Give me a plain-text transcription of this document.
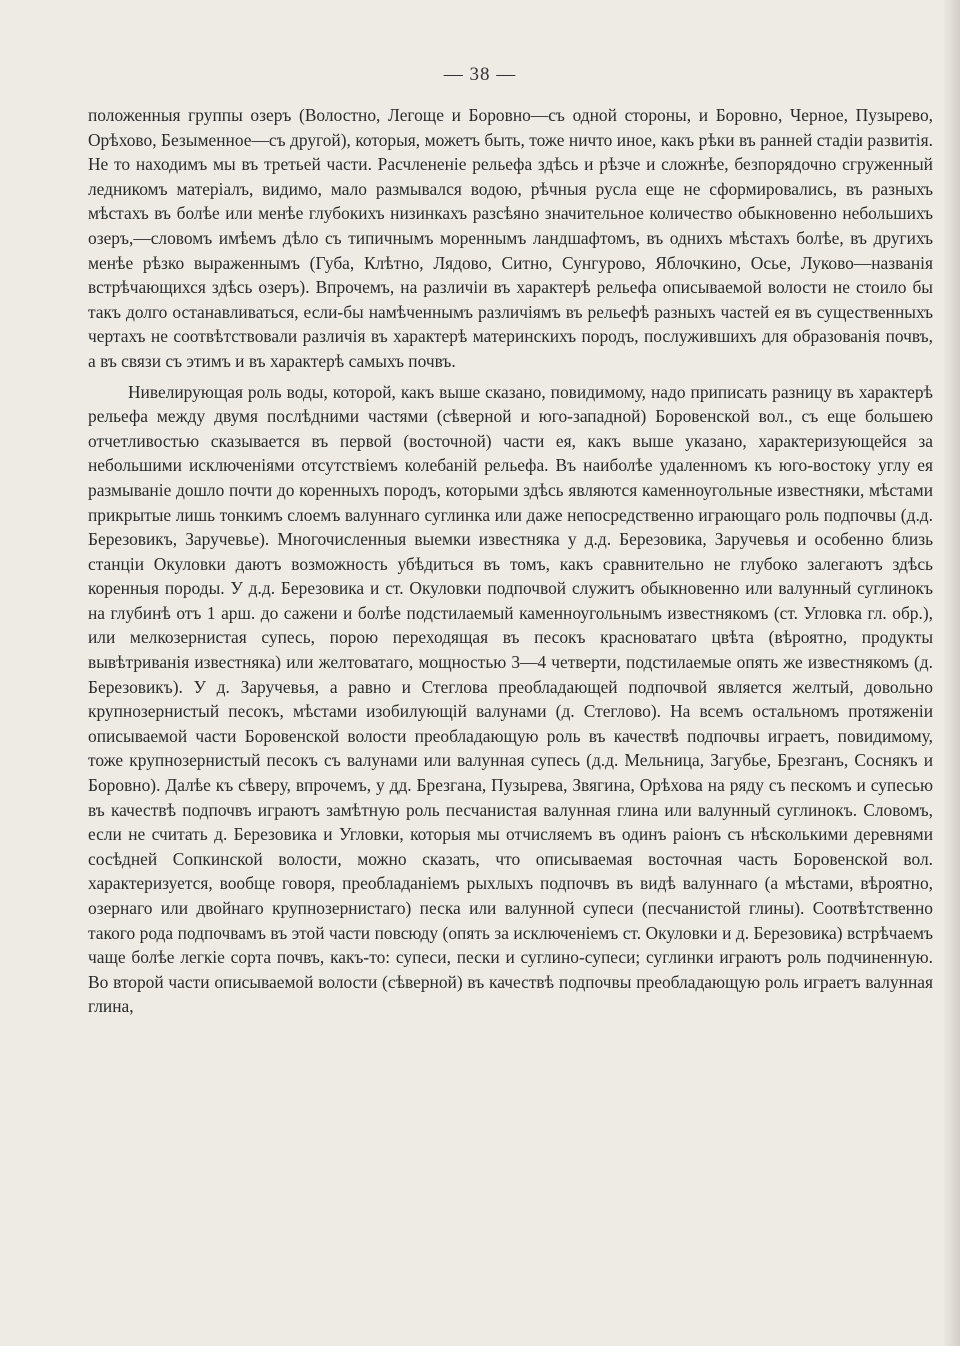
— 38 —

положенныя группы озеръ (Волостно, Легоще и Боровно—съ одной стороны, и Боровно, Черное, Пузырево, Орѣхово, Безыменное—съ другой), которыя, можетъ быть, тоже ничто иное, какъ рѣки въ ранней стадіи развитія. Не то находимъ мы въ третьей части. Расчлененіе рельефа здѣсь и рѣзче и сложнѣе, безпорядочно сгруженный ледникомъ матеріалъ, видимо, мало размывался водою, рѣчныя русла еще не сформировались, въ разныхъ мѣстахъ въ болѣе или менѣе глубокихъ низинкахъ разсѣяно значительное количество обыкновенно небольшихъ озеръ,—словомъ имѣемъ дѣло съ типичнымъ мореннымъ ландшафтомъ, въ однихъ мѣстахъ болѣе, въ другихъ менѣе рѣзко выраженнымъ (Губа, Клѣтно, Лядово, Ситно, Сунгурово, Яблочкино, Осье, Луково—названія встрѣчающихся здѣсь озеръ). Впрочемъ, на различіи въ характерѣ рельефа описываемой волости не стоило бы такъ долго останавливаться, если-бы намѣченнымъ различіямъ въ рельефѣ разныхъ частей ея въ существенныхъ чертахъ не соотвѣтствовали различія въ характерѣ материнскихъ породъ, послужившихъ для образованія почвъ, а въ связи съ этимъ и въ характерѣ самыхъ почвъ.

Нивелирующая роль воды, которой, какъ выше сказано, повидимому, надо приписать разницу въ характерѣ рельефа между двумя послѣдними частями (сѣверной и юго-западной) Боровенской вол., съ еще большею отчетливостью сказывается въ первой (восточной) части ея, какъ выше указано, характеризующейся за небольшими исключеніями отсутствіемъ колебаній рельефа. Въ наиболѣе удаленномъ къ юго-востоку углу ея размываніе дошло почти до коренныхъ породъ, которыми здѣсь являются каменноугольные известняки, мѣстами прикрытые лишь тонкимъ слоемъ валуннаго суглинка или даже непосредственно играющаго роль подпочвы (д.д. Березовикъ, Заручевье). Многочисленныя выемки известняка у д.д. Березовика, Заручевья и особенно близь станціи Окуловки даютъ возможность убѣдиться въ томъ, какъ сравнительно не глубоко залегаютъ здѣсь коренныя породы. У д.д. Березовика и ст. Окуловки подпочвой служитъ обыкновенно или валунный суглинокъ на глубинѣ отъ 1 арш. до сажени и болѣе подстилаемый каменноугольнымъ известнякомъ (ст. Угловка гл. обр.), или мелкозернистая супесь, порою переходящая въ песокъ красноватаго цвѣта (вѣроятно, продукты вывѣтриванія известняка) или желтоватаго, мощностью 3—4 четверти, подстилаемые опять же известнякомъ (д. Березовикъ). У д. Заручевья, а равно и Стеглова преобладающей подпочвой является желтый, довольно крупнозернистый песокъ, мѣстами изобилующій валунами (д. Стеглово). На всемъ остальномъ протяженіи описываемой части Боровенской волости преобладающую роль въ качествѣ подпочвы играетъ, повидимому, тоже крупнозернистый песокъ съ валунами или валунная супесь (д.д. Мельница, Загубье, Брезганъ, Соснякъ и Боровно). Далѣе къ сѣверу, впрочемъ, у дд. Брезгана, Пузырева, Звягина, Орѣхова на ряду съ пескомъ и супесью въ качествѣ подпочвъ играютъ замѣтную роль песчанистая валунная глина или валунный суглинокъ. Словомъ, если не считать д. Березовика и Угловки, которыя мы отчисляемъ въ одинъ раіонъ съ нѣсколькими деревнями сосѣдней Сопкинской волости, можно сказать, что описываемая восточная часть Боровенской вол. характеризуется, вообще говоря, преобладаніемъ рыхлыхъ подпочвъ въ видѣ валуннаго (а мѣстами, вѣроятно, озернаго или двойнаго крупнозернистаго) песка или валунной супеси (песчанистой глины). Соотвѣтственно такого рода подпочвамъ въ этой части повсюду (опять за исключеніемъ ст. Окуловки и д. Березовика) встрѣчаемъ чаще болѣе легкіе сорта почвъ, какъ-то: супеси, пески и суглино-супеси; суглинки играютъ роль подчиненную. Во второй части описываемой волости (сѣверной) въ качествѣ подпочвы преобладающую роль играетъ валунная глина,
